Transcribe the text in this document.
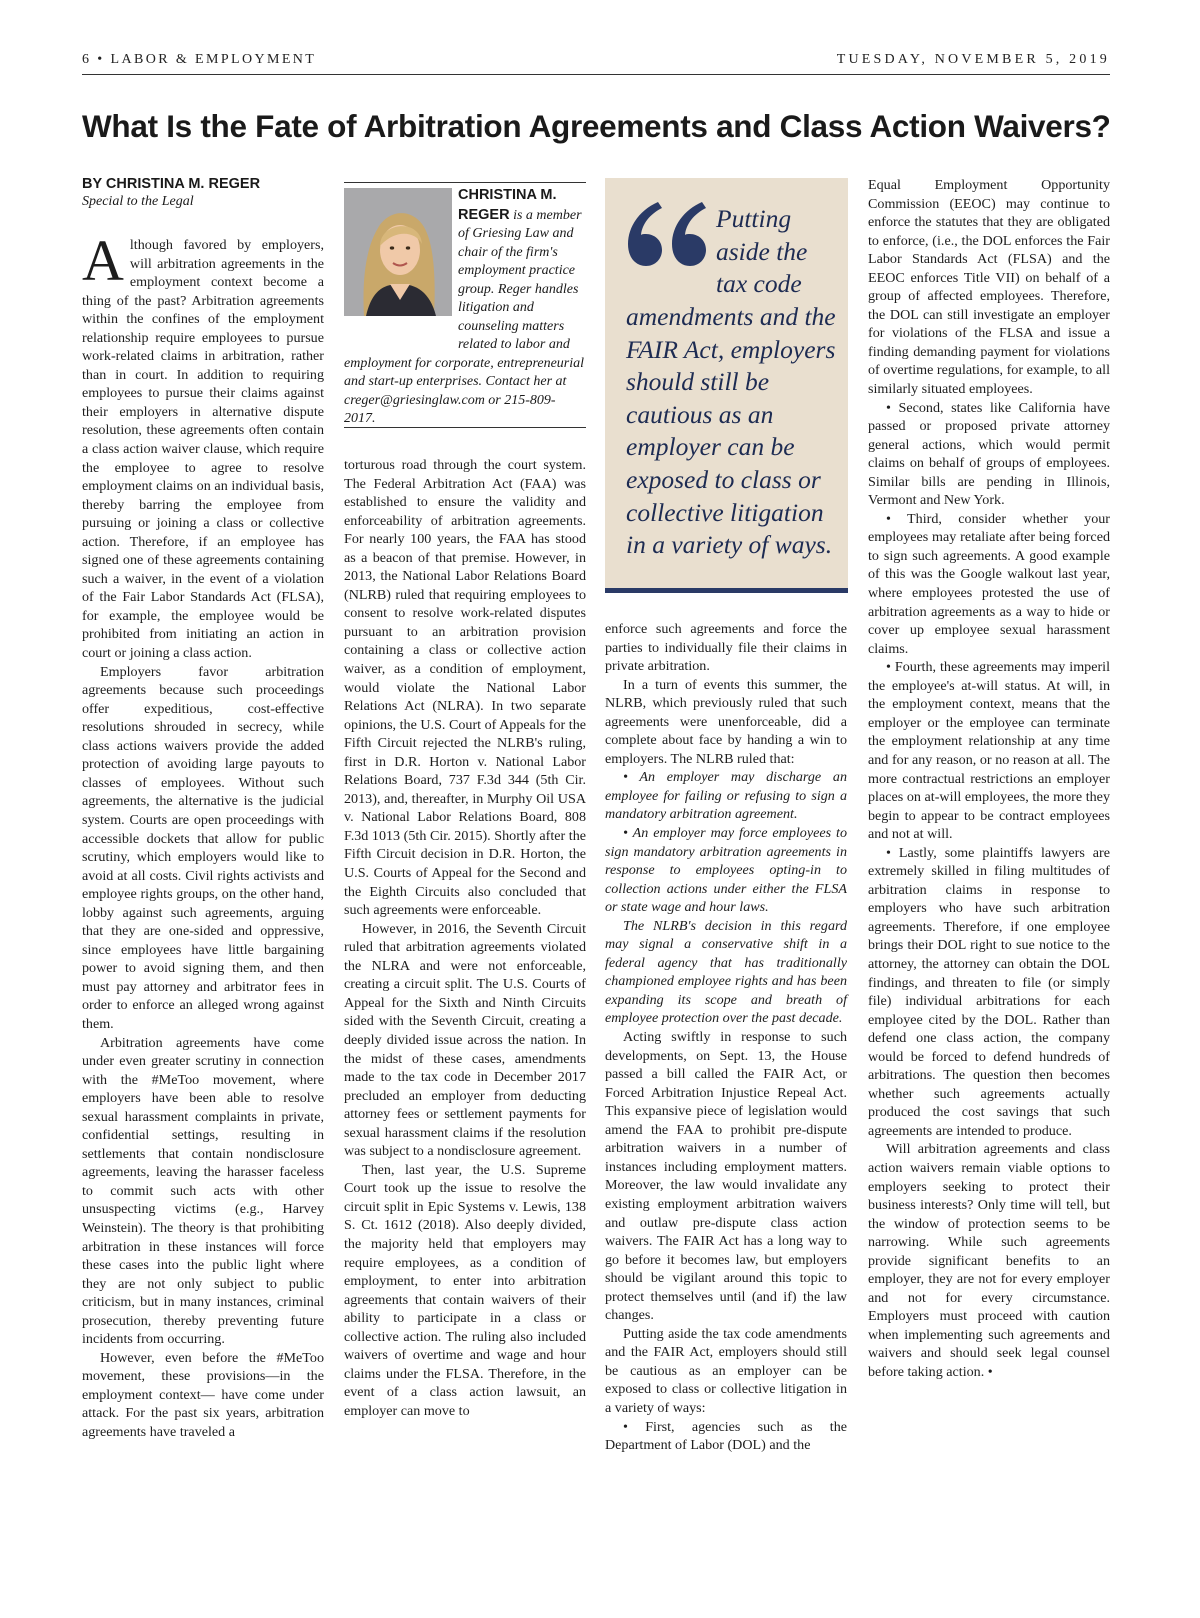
6 • LABOR & EMPLOYMENT	TUESDAY, NOVEMBER 5, 2019
What Is the Fate of Arbitration Agreements and Class Action Waivers?
BY CHRISTINA M. REGER
Special to the Legal

Although favored by employers, will arbitration agreements in the employment context become a thing of the past? Arbitration agreements within the confines of the employment relationship require employees to pursue work-related claims in arbitration, rather than in court. In addition to requiring employees to pursue their claims against their employers in alternative dispute resolution, these agreements often contain a class action waiver clause, which require the employee to agree to resolve employment claims on an individual basis, thereby barring the employee from pursuing or joining a class or collective action. Therefore, if an employee has signed one of these agreements containing such a waiver, in the event of a violation of the Fair Labor Standards Act (FLSA), for example, the employee would be prohibited from initiating an action in court or joining a class action.

Employers favor arbitration agreements because such proceedings offer expeditious, cost-effective resolutions shrouded in secrecy, while class actions waivers provide the added protection of avoiding large payouts to classes of employees. Without such agreements, the alternative is the judicial system. Courts are open proceedings with accessible dockets that allow for public scrutiny, which employers would like to avoid at all costs. Civil rights activists and employee rights groups, on the other hand, lobby against such agreements, arguing that they are one-sided and oppressive, since employees have little bargaining power to avoid signing them, and then must pay attorney and arbitrator fees in order to enforce an alleged wrong against them.

Arbitration agreements have come under even greater scrutiny in connection with the #MeToo movement, where employers have been able to resolve sexual harassment complaints in private, confidential settings, resulting in settlements that contain nondisclosure agreements, leaving the harasser faceless to commit such acts with other unsuspecting victims (e.g., Harvey Weinstein). The theory is that prohibiting arbitration in these instances will force these cases into the public light where they are not only subject to public criticism, but in many instances, criminal prosecution, thereby preventing future incidents from occurring.

However, even before the #MeToo movement, these provisions—in the employment context— have come under attack. For the past six years, arbitration agreements have traveled a

CHRISTINA M. REGER is a member of Griesing Law and chair of the firm's employment practice group. Reger handles litigation and counseling matters related to labor and employment for corporate, entrepreneurial and start-up enterprises. Contact her at creger@griesinglaw.com or 215-809-2017.

torturous road through the court system. The Federal Arbitration Act (FAA) was established to ensure the validity and enforceability of arbitration agreements. For nearly 100 years, the FAA has stood as a beacon of that premise. However, in 2013, the National Labor Relations Board (NLRB) ruled that requiring employees to consent to resolve work-related disputes pursuant to an arbitration provision containing a class or collective action waiver, as a condition of employment, would violate the National Labor Relations Act (NLRA). In two separate opinions, the U.S. Court of Appeals for the Fifth Circuit rejected the NLRB's ruling, first in D.R. Horton v. National Labor Relations Board, 737 F.3d 344 (5th Cir. 2013), and, thereafter, in Murphy Oil USA v. National Labor Relations Board, 808 F.3d 1013 (5th Cir. 2015). Shortly after the Fifth Circuit decision in D.R. Horton, the U.S. Courts of Appeal for the Second and the Eighth Circuits also concluded that such agreements were enforceable.

However, in 2016, the Seventh Circuit ruled that arbitration agreements violated the NLRA and were not enforceable, creating a circuit split. The U.S. Courts of Appeal for the Sixth and Ninth Circuits sided with the Seventh Circuit, creating a deeply divided issue across the nation. In the midst of these cases, amendments made to the tax code in December 2017 precluded an employer from deducting attorney fees or settlement payments for sexual harassment claims if the resolution was subject to a nondisclosure agreement.

Then, last year, the U.S. Supreme Court took up the issue to resolve the circuit split in Epic Systems v. Lewis, 138 S. Ct. 1612 (2018). Also deeply divided, the majority held that employers may require employees, as a condition of employment, to enter into arbitration agreements that contain waivers of their ability to participate in a class or collective action. The ruling also included waivers of overtime and wage and hour claims under the FLSA. Therefore, in the event of a class action lawsuit, an employer can move to

Putting aside the tax code amendments and the FAIR Act, employers should still be cautious as an employer can be exposed to class or collective litigation in a variety of ways.

enforce such agreements and force the parties to individually file their claims in private arbitration.

In a turn of events this summer, the NLRB, which previously ruled that such agreements were unenforceable, did a complete about face by handing a win to employers. The NLRB ruled that:

• An employer may discharge an employee for failing or refusing to sign a mandatory arbitration agreement.

• An employer may force employees to sign mandatory arbitration agreements in response to employees opting-in to collection actions under either the FLSA or state wage and hour laws.

The NLRB's decision in this regard may signal a conservative shift in a federal agency that has traditionally championed employee rights and has been expanding its scope and breath of employee protection over the past decade.

Acting swiftly in response to such developments, on Sept. 13, the House passed a bill called the FAIR Act, or Forced Arbitration Injustice Repeal Act. This expansive piece of legislation would amend the FAA to prohibit pre-dispute arbitration waivers in a number of instances including employment matters. Moreover, the law would invalidate any existing employment arbitration waivers and outlaw pre-dispute class action waivers. The FAIR Act has a long way to go before it becomes law, but employers should be vigilant around this topic to protect themselves until (and if) the law changes.

Putting aside the tax code amendments and the FAIR Act, employers should still be cautious as an employer can be exposed to class or collective litigation in a variety of ways:

• First, agencies such as the Department of Labor (DOL) and the

Equal Employment Opportunity Commission (EEOC) may continue to enforce the statutes that they are obligated to enforce, (i.e., the DOL enforces the Fair Labor Standards Act (FLSA) and the EEOC enforces Title VII) on behalf of a group of affected employees. Therefore, the DOL can still investigate an employer for violations of the FLSA and issue a finding demanding payment for violations of overtime regulations, for example, to all similarly situated employees.

• Second, states like California have passed or proposed private attorney general actions, which would permit claims on behalf of groups of employees. Similar bills are pending in Illinois, Vermont and New York.

• Third, consider whether your employees may retaliate after being forced to sign such agreements. A good example of this was the Google walkout last year, where employees protested the use of arbitration agreements as a way to hide or cover up employee sexual harassment claims.

• Fourth, these agreements may imperil the employee's at-will status. At will, in the employment context, means that the employer or the employee can terminate the employment relationship at any time and for any reason, or no reason at all. The more contractual restrictions an employer places on at-will employees, the more they begin to appear to be contract employees and not at will.

• Lastly, some plaintiffs lawyers are extremely skilled in filing multitudes of arbitration claims in response to employers who have such arbitration agreements. Therefore, if one employee brings their DOL right to sue notice to the attorney, the attorney can obtain the DOL findings, and threaten to file (or simply file) individual arbitrations for each employee cited by the DOL. Rather than defend one class action, the company would be forced to defend hundreds of arbitrations. The question then becomes whether such agreements actually produced the cost savings that such agreements are intended to produce.

Will arbitration agreements and class action waivers remain viable options to employers seeking to protect their business interests? Only time will tell, but the window of protection seems to be narrowing. While such agreements provide significant benefits to an employer, they are not for every employer and not for every circumstance. Employers must proceed with caution when implementing such agreements and waivers and should seek legal counsel before taking action. •
